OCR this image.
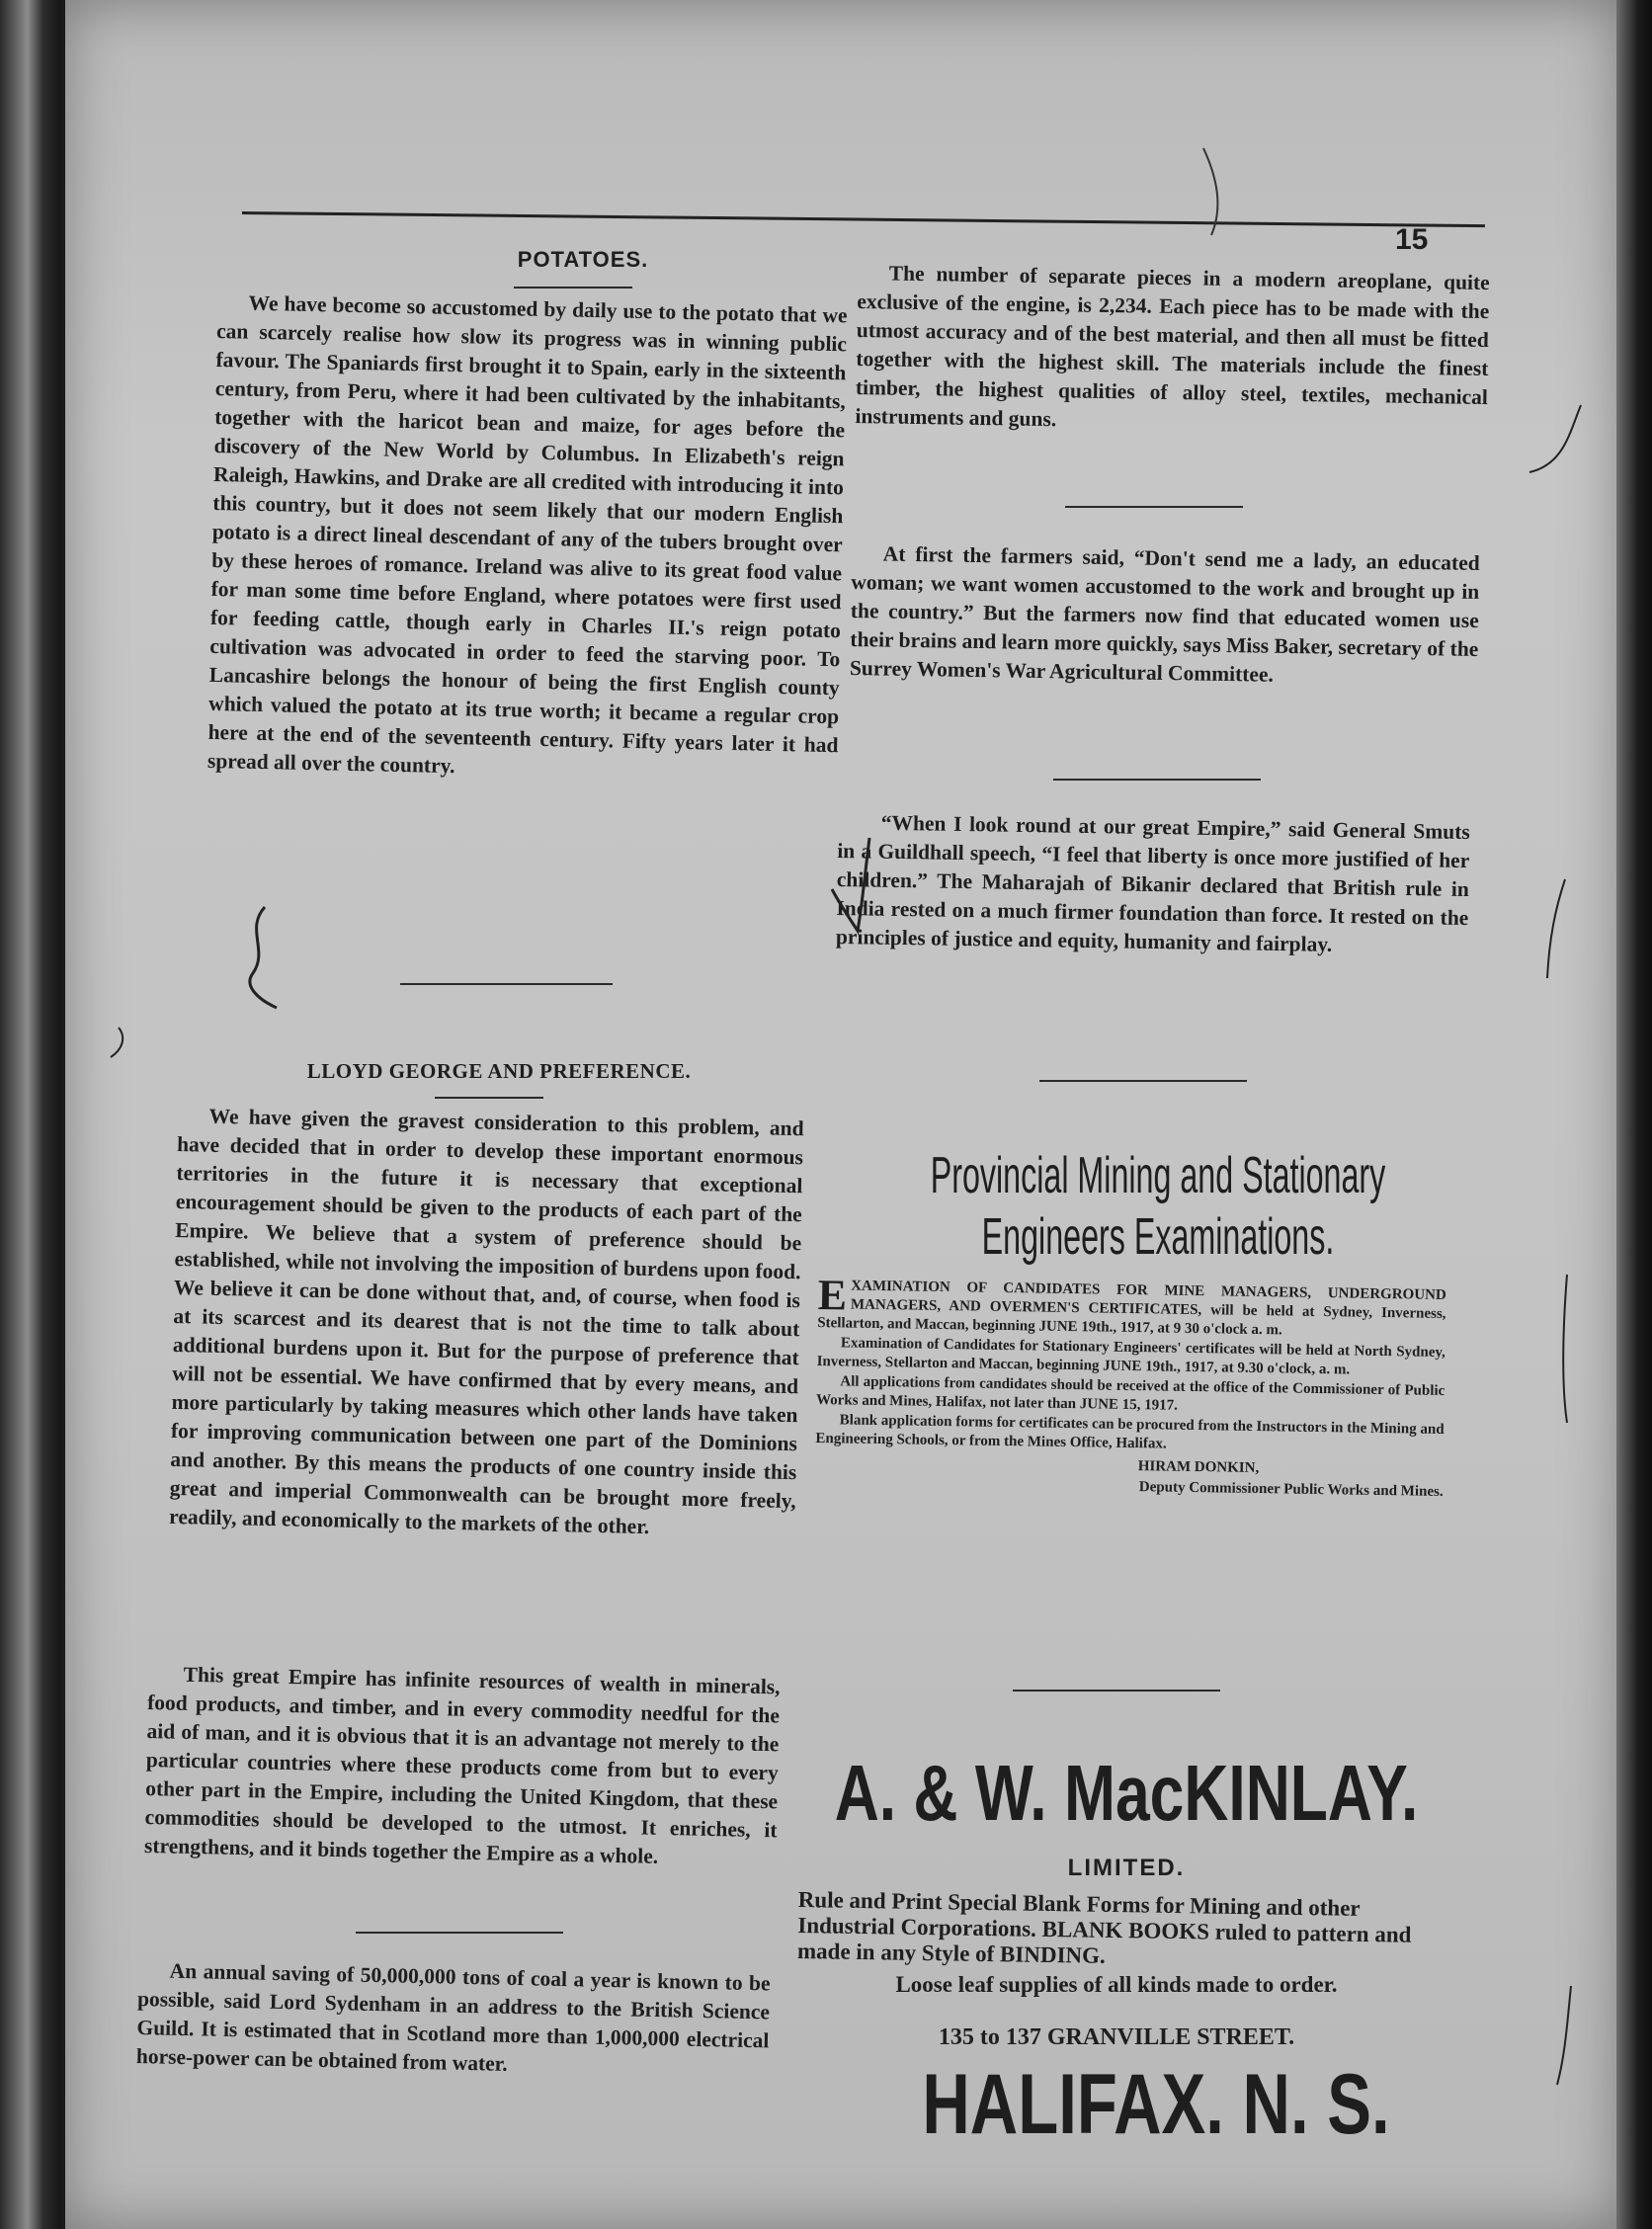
15
POTATOES.
We have become so accustomed by daily use to the potato that we can scarcely realise how slow its progress was in winning public favour. The Spaniards first brought it to Spain, early in the sixteenth century, from Peru, where it had been cultivated by the inhabitants, together with the haricot bean and maize, for ages before the discovery of the New World by Columbus. In Elizabeth's reign Raleigh, Hawkins, and Drake are all credited with introducing it into this country, but it does not seem likely that our modern English potato is a direct lineal descendant of any of the tubers brought over by these heroes of romance. Ireland was alive to its great food value for man some time before England, where potatoes were first used for feeding cattle, though early in Charles II.'s reign potato cultivation was advocated in order to feed the starving poor. To Lancashire belongs the honour of being the first English county which valued the potato at its true worth; it became a regular crop here at the end of the seventeenth century. Fifty years later it had spread all over the country.
LLOYD GEORGE AND PREFERENCE.
We have given the gravest consideration to this problem, and have decided that in order to develop these important enormous territories in the future it is necessary that exceptional encouragement should be given to the products of each part of the Empire. We believe that a system of preference should be established, while not involving the imposition of burdens upon food. We believe it can be done without that, and, of course, when food is at its scarcest and its dearest that is not the time to talk about additional burdens upon it. But for the purpose of preference that will not be essential. We have confirmed that by every means, and more particularly by taking measures which other lands have taken for improving communication between one part of the Dominions and another. By this means the products of one country inside this great and imperial Commonwealth can be brought more freely, readily, and economically to the markets of the other.
This great Empire has infinite resources of wealth in minerals, food products, and timber, and in every commodity needful for the aid of man, and it is obvious that it is an advantage not merely to the particular countries where these products come from but to every other part in the Empire, including the United Kingdom, that these commodities should be developed to the utmost. It enriches, it strengthens, and it binds together the Empire as a whole.
An annual saving of 50,000,000 tons of coal a year is known to be possible, said Lord Sydenham in an address to the British Science Guild. It is estimated that in Scotland more than 1,000,000 electrical horse-power can be obtained from water.
The number of separate pieces in a modern areoplane, quite exclusive of the engine, is 2,234. Each piece has to be made with the utmost accuracy and of the best material, and then all must be fitted together with the highest skill. The materials include the finest timber, the highest qualities of alloy steel, textiles, mechanical instruments and guns.
At first the farmers said, “Don't send me a lady, an educated woman; we want women accustomed to the work and brought up in the country.” But the farmers now find that educated women use their brains and learn more quickly, says Miss Baker, secretary of the Surrey Women's War Agricultural Committee.
“When I look round at our great Empire,” said General Smuts in a Guildhall speech, “I feel that liberty is once more justified of her children.” The Maharajah of Bikanir declared that British rule in India rested on a much firmer foundation than force. It rested on the principles of justice and equity, humanity and fairplay.
Provincial Mining and Stationary
Engineers Examinations.
E XAMINATION OF CANDIDATES FOR MINE MANAGERS, UNDERGROUND MANAGERS, AND OVERMEN'S CERTIFICATES, will be held at Sydney, Inverness, Stellarton, and Maccan, beginning JUNE 19th., 1917, at 9 30 o'clock a. m.
Examination of Candidates for Stationary Engineers' certificates will be held at North Sydney, Inverness, Stellarton and Maccan, beginning JUNE 19th., 1917, at 9.30 o'clock, a. m.
All applications from candidates should be received at the office of the Commissioner of Public Works and Mines, Halifax, not later than JUNE 15, 1917.
Blank application forms for certificates can be procured from the Instructors in the Mining and Engineering Schools, or from the Mines Office, Halifax.
HIRAM DONKIN,
Deputy Commissioner Public Works and Mines.
A. & W. MacKINLAY.
LIMITED.
Rule and Print Special Blank Forms for Mining and other Industrial Corporations. BLANK BOOKS ruled to pattern and made in any Style of BINDING.
Loose leaf supplies of all kinds made to order.
135 to 137 GRANVILLE STREET.
HALIFAX. N. S.
